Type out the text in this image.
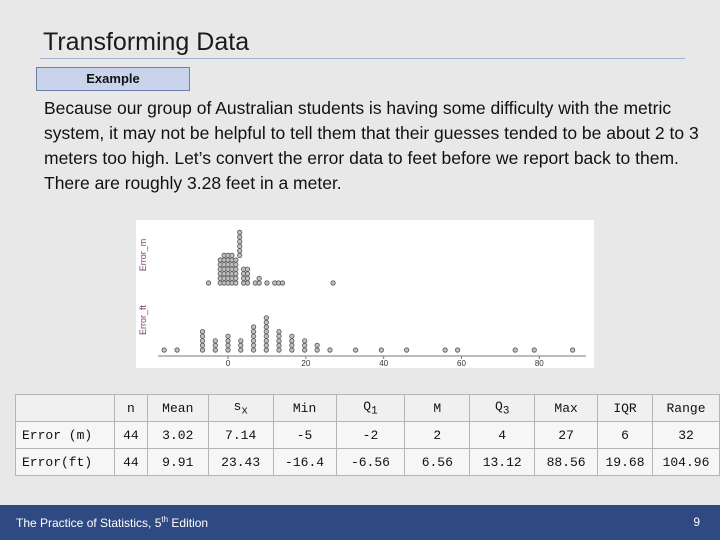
Transforming Data
Example
Because our group of Australian students is having some difficulty with the metric system, it may not be helpful to tell them that their guesses tended to be about 2 to 3 meters too high. Let’s convert the error data to feet before we report back to them. There are roughly 3.28 feet in a meter.
0	20	40	60	80
Error_m
Error_ft
	n	Mean	$s_x$	Min	$Q_1$	M	$Q_3$	Max	IQR	Range
Error (m)	44	3.02	7.14	-5	-2	2	4	27	6	32
Error(ft)	44	9.91	23.43	-16.4	-6.56	6.56	13.12	88.56	19.68	104.96
The Practice of Statistics, 5th Edition	9
